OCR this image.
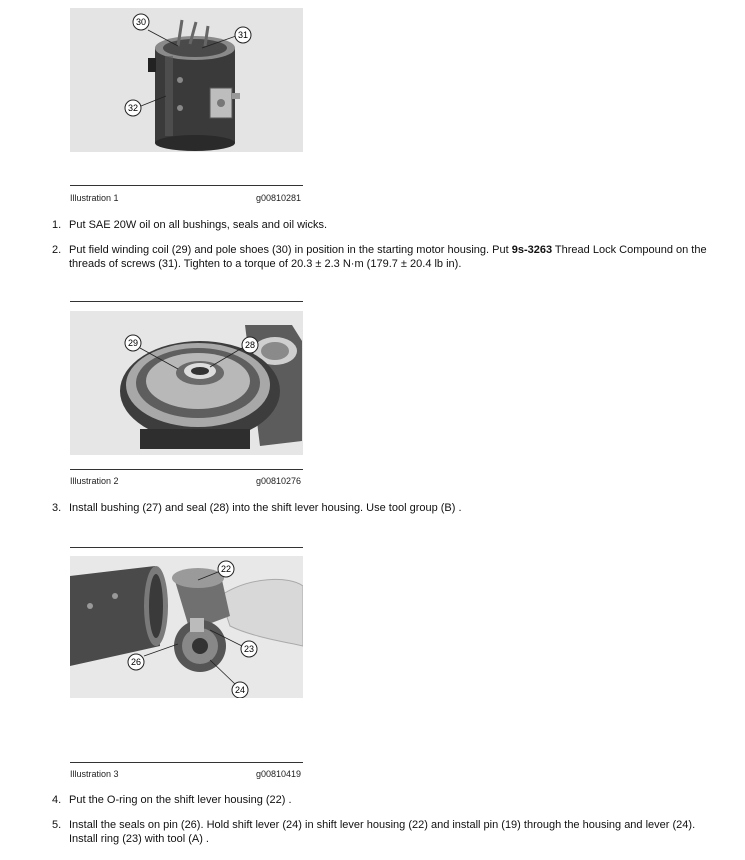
30
31
32
Illustration 1	g00810281
1. Put SAE 20W oil on all bushings, seals and oil wicks.
2. Put field winding coil (29) and pole shoes (30) in position in the starting motor housing. Put 9s-3263 Thread Lock Compound on the threads of screws (31). Tighten to a torque of 20.3 ± 2.3 N·m (179.7 ± 20.4 lb in).
29	28
Illustration 2	g00810276
3. Install bushing (27) and seal (28) into the shift lever housing. Use tool group (B) .
22
26
23
24
Illustration 3	g00810419
4. Put the O-ring on the shift lever housing (22) .
5. Install the seals on pin (26). Hold shift lever (24) in shift lever housing (22) and install pin (19) through the housing and lever (24). Install ring (23) with tool (A) .
